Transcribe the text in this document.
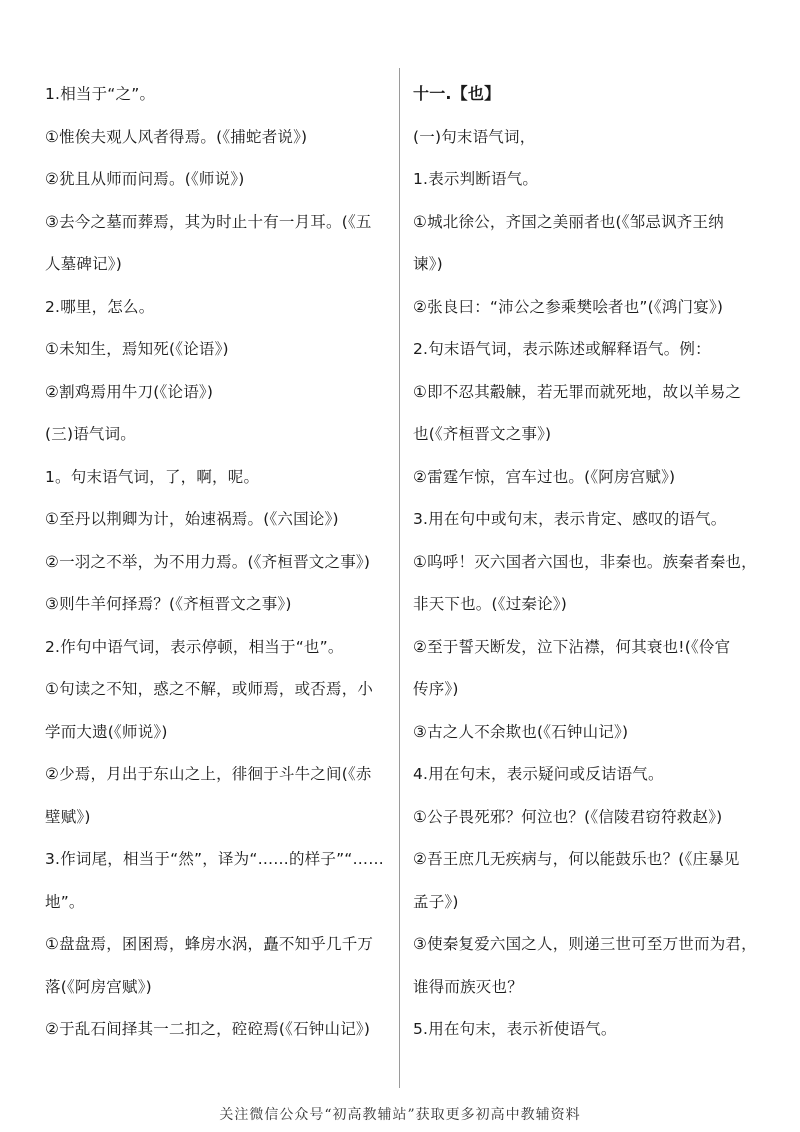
1.相当于“之”。
①惟俟夫观人风者得焉。(《捕蛇者说》)
②犹且从师而问焉。(《师说》)
③去今之墓而葬焉，其为时止十有一月耳。(《五
人墓碑记》)
2.哪里，怎么。
①未知生，焉知死(《论语》)
②割鸡焉用牛刀(《论语》)
(三)语气词。
1。句末语气词，了，啊，呢。
①至丹以荆卿为计，始速祸焉。(《六国论》)
②一羽之不举，为不用力焉。(《齐桓晋文之事》)
③则牛羊何择焉？(《齐桓晋文之事》)
2.作句中语气词，表示停顿，相当于“也”。
①句读之不知，惑之不解，或师焉，或否焉，小
学而大遗(《师说》)
②少焉，月出于东山之上，徘徊于斗牛之间(《赤
壁赋》)
3.作词尾，相当于“然”，译为“……的样子”“……
地”。
①盘盘焉，囷囷焉，蜂房水涡，矗不知乎几千万
落(《阿房宫赋》)
②于乱石间择其一二扣之，硿硿焉(《石钟山记》)
十一.【也】
(一)句末语气词，
1.表示判断语气。
①城北徐公，齐国之美丽者也(《邹忌讽齐王纳
谏》)
②张良曰：“沛公之参乘樊哙者也”(《鸿门宴》)
2.句末语气词，表示陈述或解释语气。例：
①即不忍其觳觫，若无罪而就死地，故以羊易之
也(《齐桓晋文之事》)
②雷霆乍惊，宫车过也。(《阿房宫赋》)
3.用在句中或句末，表示肯定、感叹的语气。
①呜呼！灭六国者六国也，非秦也。族秦者秦也，
非天下也。(《过秦论》)
②至于誓天断发，泣下沾襟，何其衰也!(《伶官
传序》)
③古之人不余欺也(《石钟山记》)
4.用在句末，表示疑问或反诘语气。
①公子畏死邪？何泣也？(《信陵君窃符救赵》)
②吾王庶几无疾病与，何以能鼓乐也？(《庄暴见
孟子》)
③使秦复爱六国之人，则递三世可至万世而为君，
谁得而族灭也？
5.用在句末，表示祈使语气。
关注微信公众号“初高教辅站”获取更多初高中教辅资料
